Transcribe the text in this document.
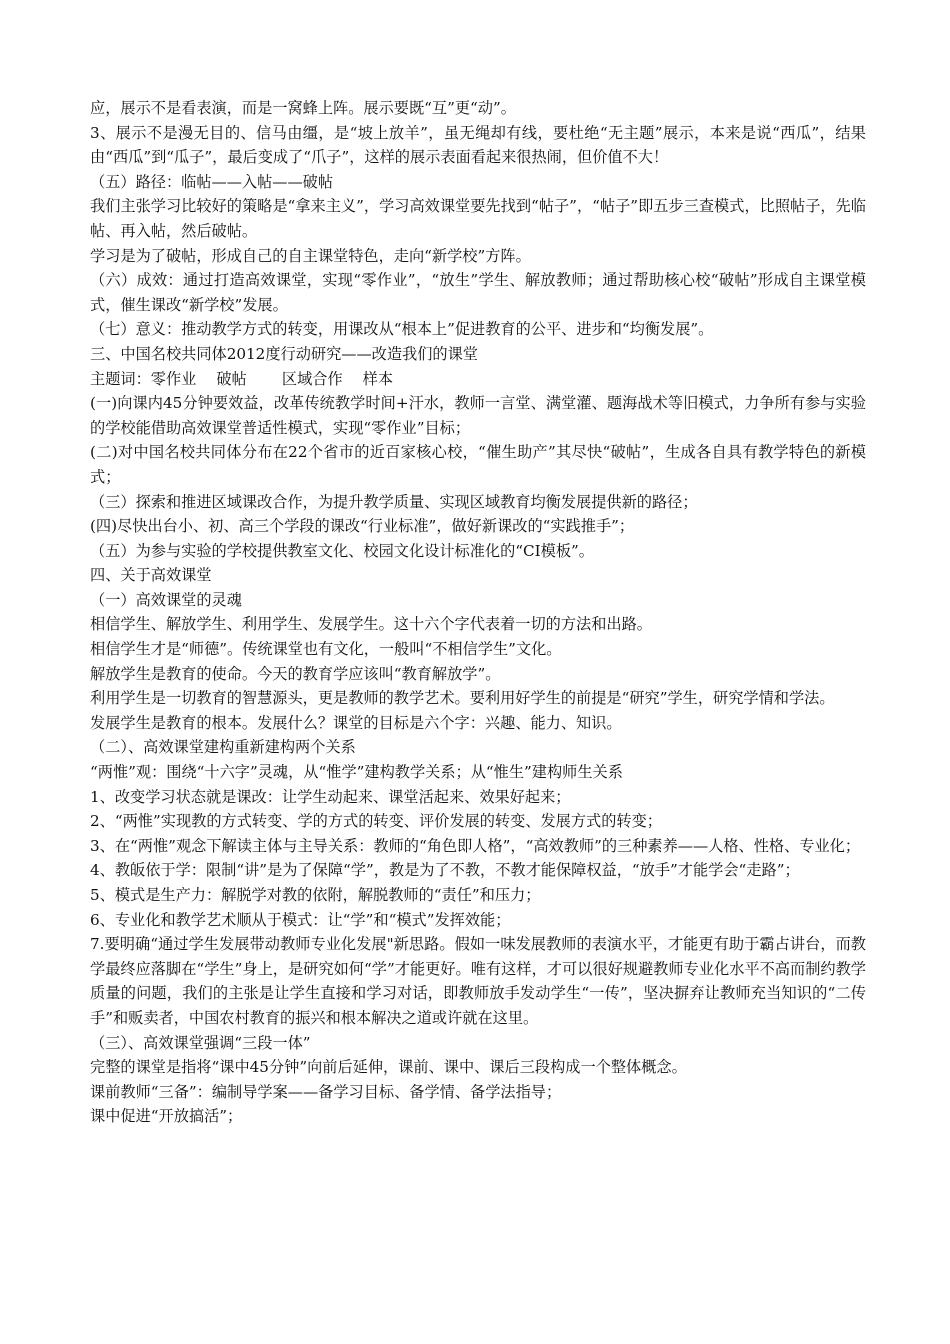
应，展示不是看表演，而是一窝蜂上阵。展示要既“互”更“动”。

3、展示不是漫无目的、信马由缰，是“坡上放羊”，虽无绳却有线，要杜绝“无主题”展示，本来是说“西瓜”，结果由“西瓜”到“瓜子”，最后变成了“爪子”，这样的展示表面看起来很热闹，但价值不大！

（五）路径：临帖——入帖——破帖

我们主张学习比较好的策略是“拿来主义”，学习高效课堂要先找到“帖子”，“帖子”即五步三查模式，比照帖子，先临帖、再入帖，然后破帖。

学习是为了破帖，形成自己的自主课堂特色，走向“新学校”方阵。

（六）成效：通过打造高效课堂，实现“零作业”，“放生”学生、解放教师；通过帮助核心校“破帖”形成自主课堂模式，催生课改“新学校”发展。

（七）意义：推动教学方式的转变，用课改从“根本上”促进教育的公平、进步和“均衡发展”。

三、中国名校共同体2012度行动研究——改造我们的课堂

主题词：零作业　 破帖　　 区域合作　 样本

(一)向课内45分钟要效益，改革传统教学时间+汗水，教师一言堂、满堂灌、题海战术等旧模式，力争所有参与实验的学校能借助高效课堂普适性模式，实现“零作业”目标；

(二)对中国名校共同体分布在22个省市的近百家核心校，“催生助产”其尽快“破帖”，生成各自具有教学特色的新模式；

（三）探索和推进区域课改合作，为提升教学质量、实现区域教育均衡发展提供新的路径；

(四)尽快出台小、初、高三个学段的课改“行业标准”，做好新课改的“实践推手”；

（五）为参与实验的学校提供教室文化、校园文化设计标准化的“CI模板”。

四、关于高效课堂

（一）高效课堂的灵魂

相信学生、解放学生、利用学生、发展学生。这十六个字代表着一切的方法和出路。

相信学生才是“师德”。传统课堂也有文化，一般叫“不相信学生”文化。

解放学生是教育的使命。今天的教育学应该叫“教育解放学”。

利用学生是一切教育的智慧源头，更是教师的教学艺术。要利用好学生的前提是“研究”学生，研究学情和学法。

发展学生是教育的根本。发展什么？课堂的目标是六个字：兴趣、能力、知识。

（二）、高效课堂建构重新建构两个关系

“两惟”观：围绕“十六字”灵魂，从“惟学”建构教学关系；从“惟生”建构师生关系

1、改变学习状态就是课改：让学生动起来、课堂活起来、效果好起来；

2、“两惟”实现教的方式转变、学的方式的转变、评价发展的转变、发展方式的转变；

3、在“两惟”观念下解读主体与主导关系：教师的“角色即人格”，“高效教师”的三种素养——人格、性格、专业化；

4、教皈依于学：限制“讲”是为了保障“学”，教是为了不教，不教才能保障权益，“放手”才能学会“走路”；

5、模式是生产力：解脱学对教的依附，解脱教师的“责任”和压力；

6、专业化和教学艺术顺从于模式：让“学”和“模式”发挥效能；

7.要明确“通过学生发展带动教师专业化发展"新思路。假如一味发展教师的表演水平，才能更有助于霸占讲台，而教学最终应落脚在“学生”身上，是研究如何“学”才能更好。唯有这样，才可以很好规避教师专业化水平不高而制约教学质量的问题，我们的主张是让学生直接和学习对话，即教师放手发动学生“一传”，坚决摒弃让教师充当知识的“二传手”和贩卖者，中国农村教育的振兴和根本解决之道或许就在这里。

（三）、高效课堂强调“三段一体”

完整的课堂是指将“课中45分钟”向前后延伸，课前、课中、课后三段构成一个整体概念。

课前教师“三备”：编制导学案——备学习目标、备学情、备学法指导；

课中促进“开放搞活”；
